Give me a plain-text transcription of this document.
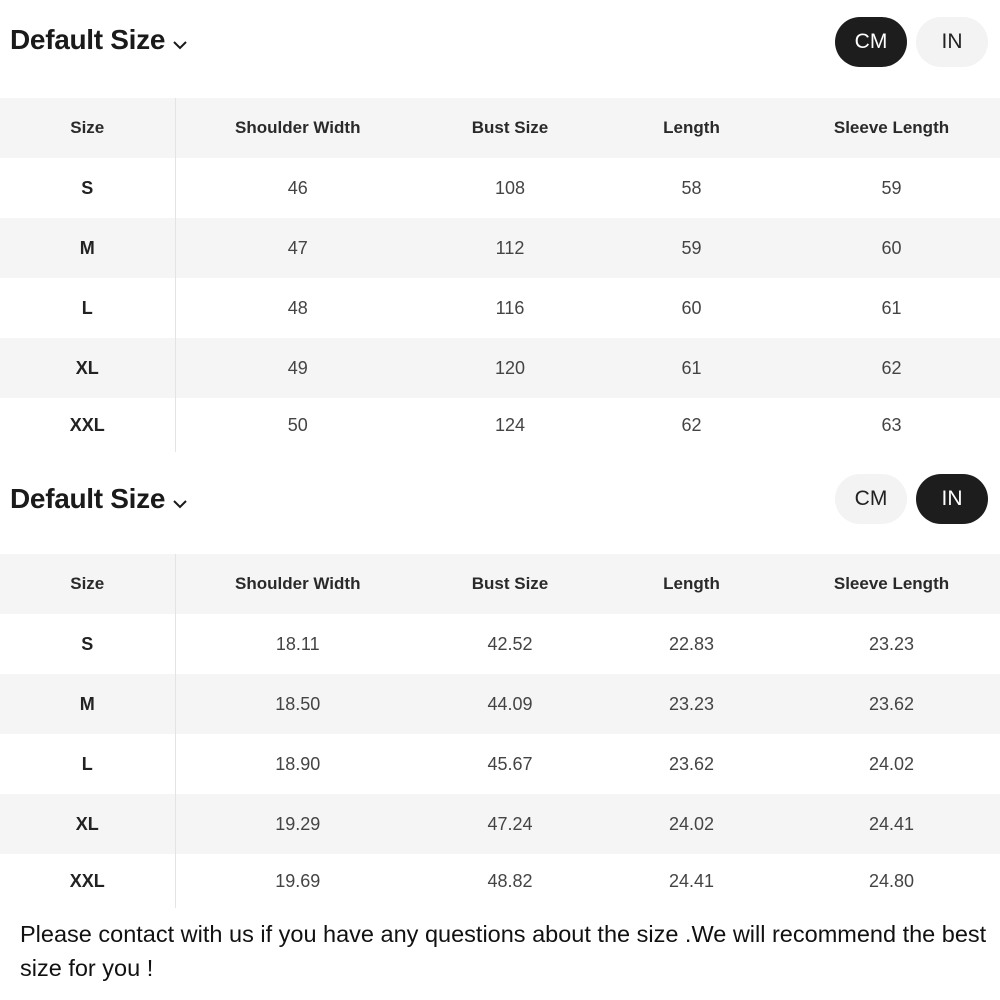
Default Size	CM	IN
Size	Shoulder Width	Bust Size	Length	Sleeve Length
S	46	108	58	59
M	47	112	59	60
L	48	116	60	61
XL	49	120	61	62
XXL	50	124	62	63
Default Size	CM	IN
Size	Shoulder Width	Bust Size	Length	Sleeve Length
S	18.11	42.52	22.83	23.23
M	18.50	44.09	23.23	23.62
L	18.90	45.67	23.62	24.02
XL	19.29	47.24	24.02	24.41
XXL	19.69	48.82	24.41	24.80

Please contact with us if you have any questions about the size .We will recommend the best size for you !
